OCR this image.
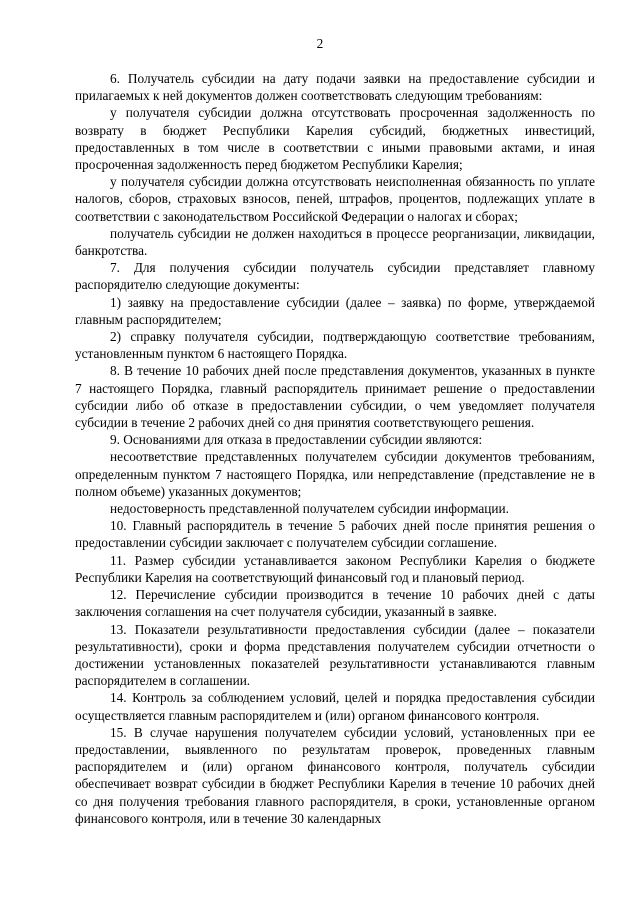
2

6. Получатель субсидии на дату подачи заявки на предоставление субсидии и прилагаемых к ней документов должен соответствовать следующим требованиям:

у получателя субсидии должна отсутствовать просроченная задолженность по возврату в бюджет Республики Карелия субсидий, бюджетных инвестиций, предоставленных в том числе в соответствии с иными правовыми актами, и иная просроченная задолженность перед бюджетом Республики Карелия;

у получателя субсидии должна отсутствовать неисполненная обязанность по уплате налогов, сборов, страховых взносов, пеней, штрафов, процентов, подлежащих уплате в соответствии с законодательством Российской Федерации о налогах и сборах;

получатель субсидии не должен находиться в процессе реорганизации, ликвидации, банкротства.

7. Для получения субсидии получатель субсидии представляет главному распорядителю следующие документы:

1) заявку на предоставление субсидии (далее – заявка) по форме, утверждаемой главным распорядителем;

2) справку получателя субсидии, подтверждающую соответствие требованиям, установленным пунктом 6 настоящего Порядка.

8. В течение 10 рабочих дней после представления документов, указанных в пункте 7 настоящего Порядка, главный распорядитель принимает решение о предоставлении субсидии либо об отказе в предоставлении субсидии, о чем уведомляет получателя субсидии в течение 2 рабочих дней со дня принятия соответствующего решения.

9. Основаниями для отказа в предоставлении субсидии являются:

несоответствие представленных получателем субсидии документов требованиям, определенным пунктом 7 настоящего Порядка, или непредставление (представление не в полном объеме) указанных документов;

недостоверность представленной получателем субсидии информации.

10. Главный распорядитель в течение 5 рабочих дней после принятия решения о предоставлении субсидии заключает с получателем субсидии соглашение.

11. Размер субсидии устанавливается законом Республики Карелия о бюджете Республики Карелия на соответствующий финансовый год и плановый период.

12. Перечисление субсидии производится в течение 10 рабочих дней с даты заключения соглашения на счет получателя субсидии, указанный в заявке.

13. Показатели результативности предоставления субсидии (далее – показатели результативности), сроки и форма представления получателем субсидии отчетности о достижении установленных показателей результативности устанавливаются главным распорядителем в соглашении.

14. Контроль за соблюдением условий, целей и порядка предоставления субсидии осуществляется главным распорядителем и (или) органом финансового контроля.

15. В случае нарушения получателем субсидии условий, установленных при ее предоставлении, выявленного по результатам проверок, проведенных главным распорядителем и (или) органом финансового контроля, получатель субсидии обеспечивает возврат субсидии в бюджет Республики Карелия в течение 10 рабочих дней со дня получения требования главного распорядителя, в сроки, установленные органом финансового контроля, или в течение 30 календарных
